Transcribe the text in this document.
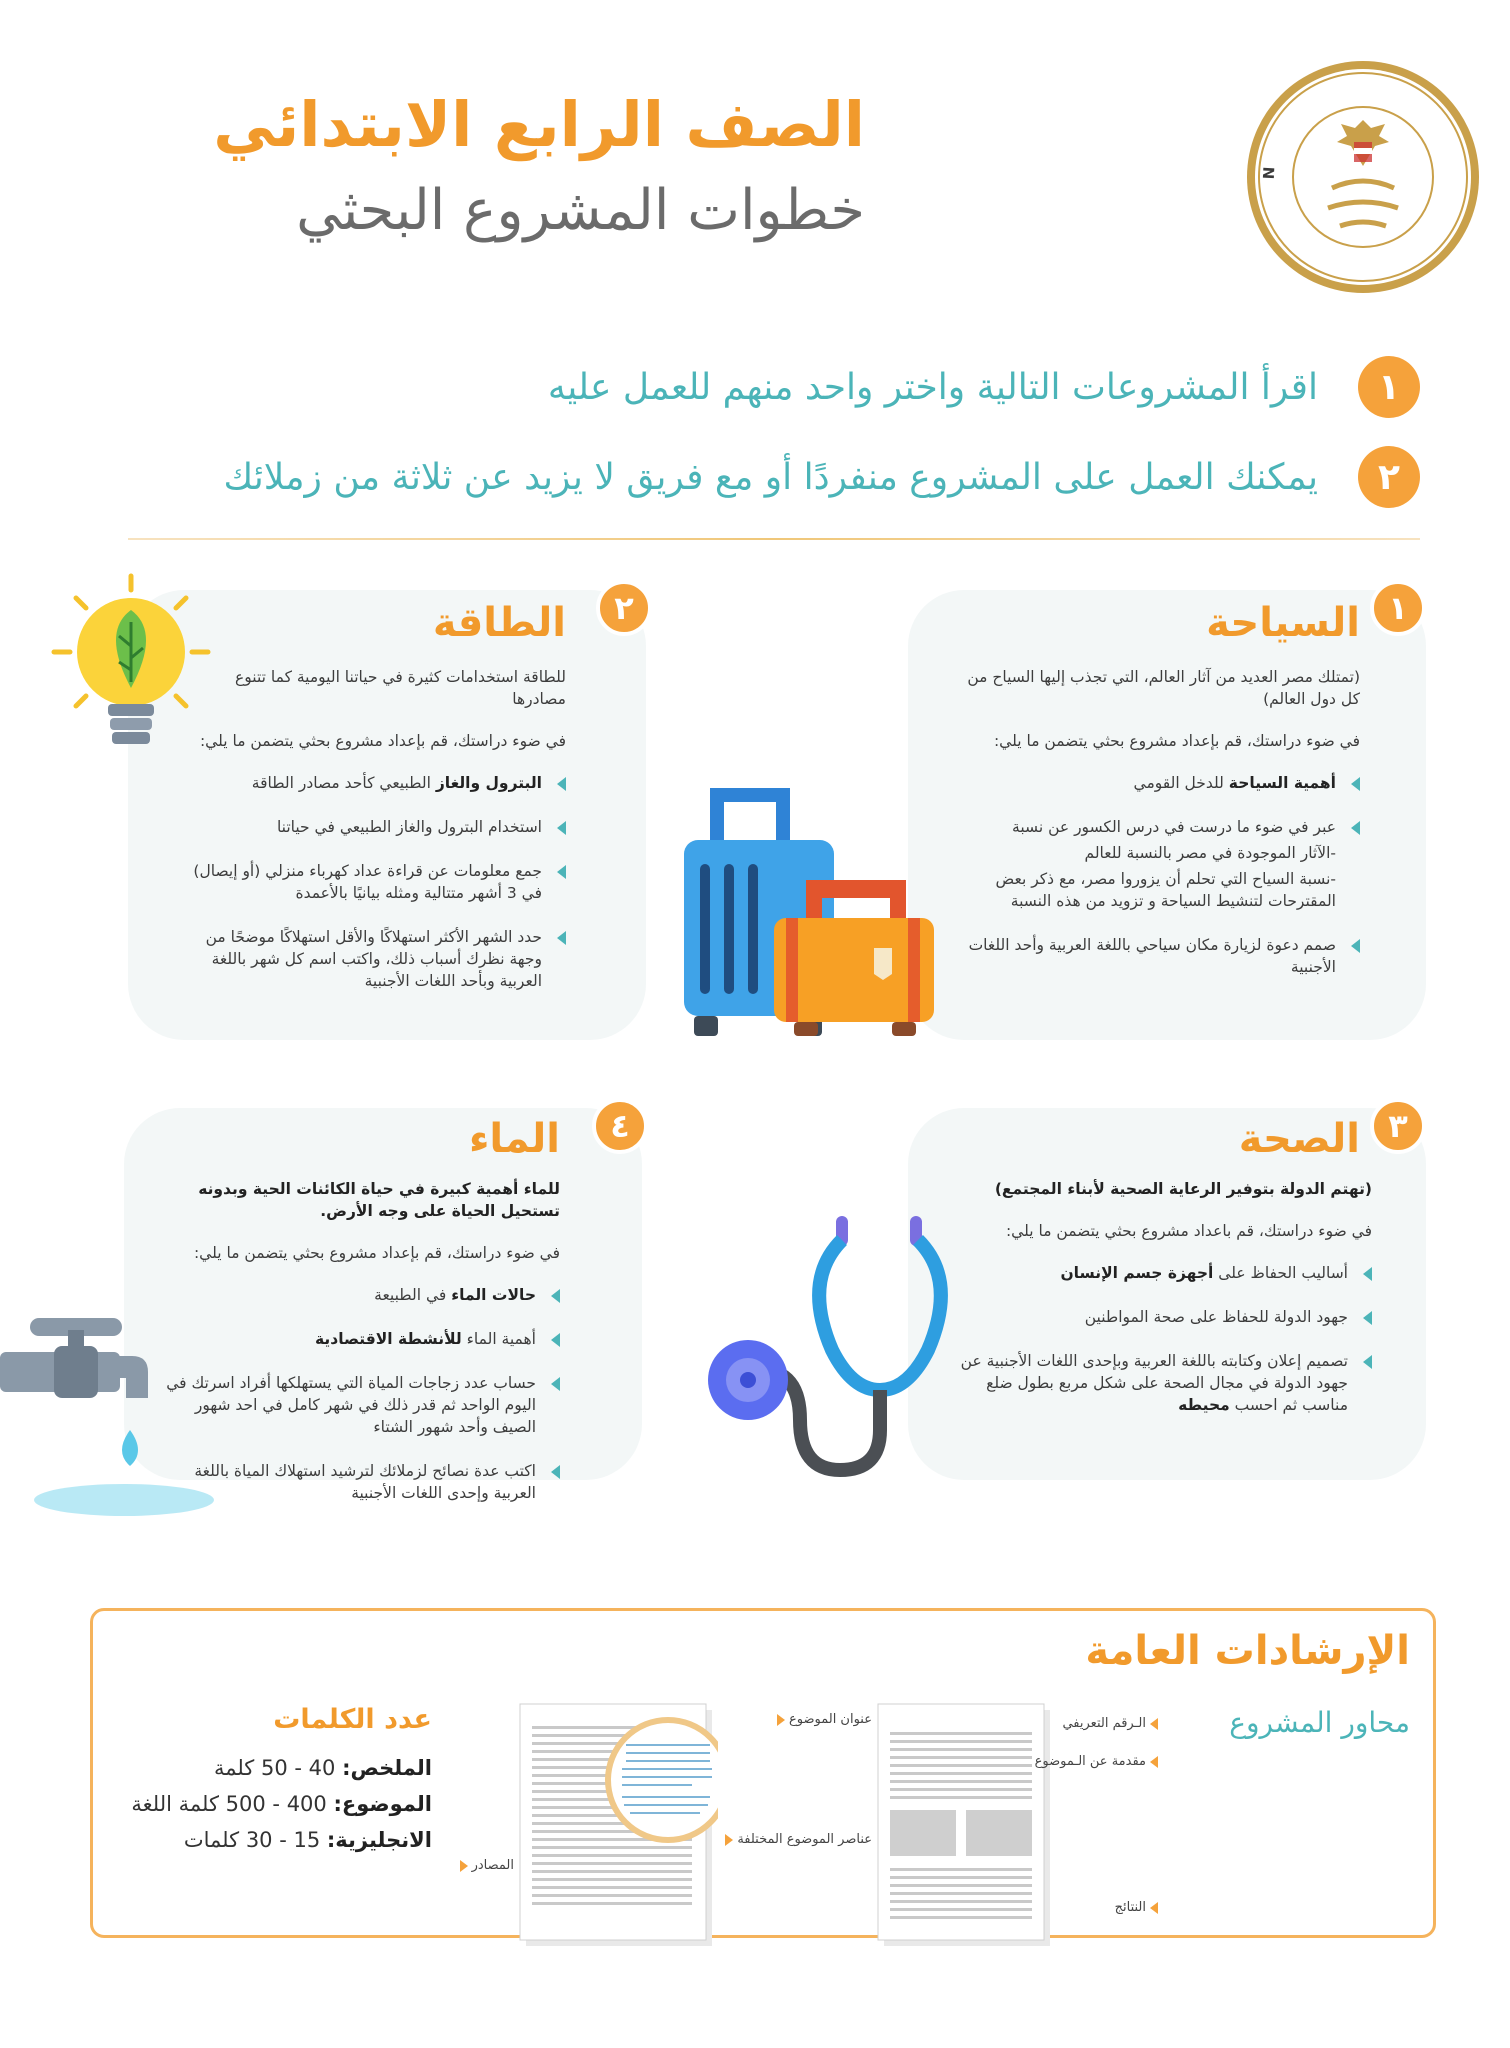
الصف الرابع الابتدائي
خطوات المشروع البحثي
N
١
اقرأ المشروعات التالية واختر واحد منهم للعمل عليه
٢
يمكنك العمل على المشروع منفردًا أو مع فريق لا يزيد عن ثلاثة من زملائك
١
السياحة

(تمتلك مصر العديد من آثار العالم، التي تجذب إليها السياح من كل دول العالم)

في ضوء دراستك، قم بإعداد مشروع بحثي يتضمن ما يلي:

أهمية السياحة للدخل القومي
عبر في ضوء ما درست في درس الكسور عن نسبة
-الآثار الموجودة في مصر بالنسبة للعالم
-نسبة السياح التي تحلم أن يزوروا مصر، مع ذكر بعض المقترحات لتنشيط السياحة و تزويد من هذه النسبة
صمم دعوة لزيارة مكان سياحي باللغة العربية وأحد اللغات الأجنبية
٢
الطاقة

للطاقة استخدامات كثيرة في حياتنا اليومية كما تتنوع مصادرها

في ضوء دراستك، قم بإعداد مشروع بحثي يتضمن ما يلي:

البترول والغاز الطبيعي كأحد مصادر الطاقة
استخدام البترول والغاز الطبيعي في حياتنا
جمع معلومات عن قراءة عداد كهرباء منزلي (أو إيصال) في 3 أشهر متتالية ومثله بيانيًا بالأعمدة
حدد الشهر الأكثر استهلاكًا والأقل استهلاكًا موضحًا من وجهة نظرك أسباب ذلك، واكتب اسم كل شهر باللغة العربية وبأحد اللغات الأجنبية
٣
الصحة

(تهتم الدولة بتوفير الرعاية الصحية لأبناء المجتمع)

في ضوء دراستك، قم باعداد مشروع بحثي يتضمن ما يلي:

أساليب الحفاظ على أجهزة جسم الإنسان
جهود الدولة للحفاظ على صحة المواطنين
تصميم إعلان وكتابته باللغة العربية وبإحدى اللغات الأجنبية عن جهود الدولة في مجال الصحة على شكل مربع بطول ضلع مناسب ثم احسب محيطه
٤
الماء

للماء أهمية كبيرة في حياة الكائنات الحية وبدونه تستحيل الحياة على وجه الأرض.

في ضوء دراستك، قم بإعداد مشروع بحثي يتضمن ما يلي:

حالات الماء في الطبيعة
أهمية الماء للأنشطة الاقتصادية
حساب عدد زجاجات المياة التي يستهلكها أفراد اسرتك في اليوم الواحد ثم قدر ذلك في شهر كامل في احد شهور الصيف وأحد شهور الشتاء
اكتب عدة نصائح لزملائك لترشيد استهلاك المياة باللغة العربية وإحدى اللغات الأجنبية
الإرشادات العامة
محاور المشروع
الـرقم التعريفي
مقدمة عن الـموضوع
النتائج
عنوان الموضوع
عناصر الموضوع المختلفة
المصادر
عدد الكلمات
الملخص: 40 - 50 كلمة
الموضوع: 400 - 500 كلمة اللغة
الانجليزية: 15 - 30 كلمات
